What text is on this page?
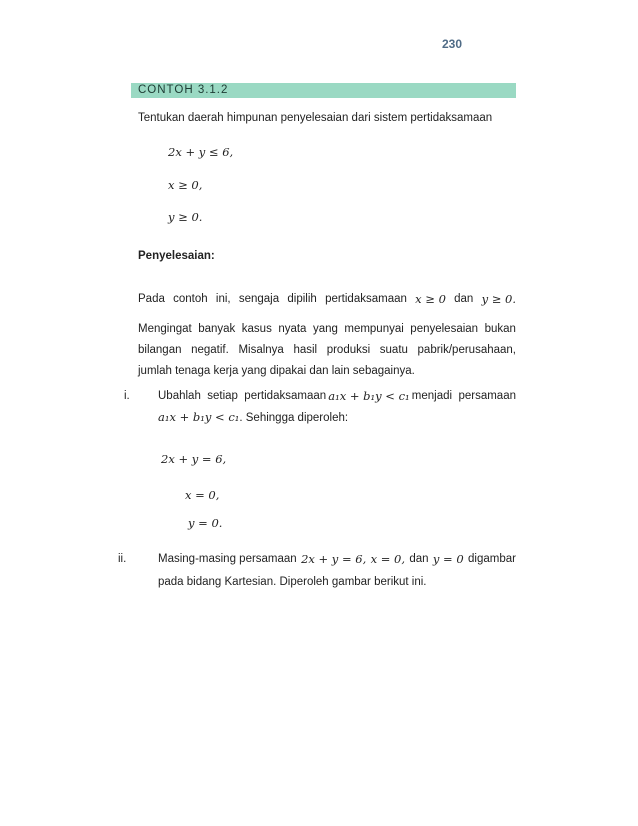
230
CONTOH 3.1.2
Tentukan daerah himpunan penyelesaian dari sistem pertidaksamaan
2x + y ≤ 6,
x ≥ 0,
y ≥ 0.
Penyelesaian:
Pada contoh ini, sengaja dipilih pertidaksamaan x ≥ 0 dan y ≥ 0.
Mengingat banyak kasus nyata yang mempunyai penyelesaian bukan
bilangan negatif. Misalnya hasil produksi suatu pabrik/perusahaan,
jumlah tenaga kerja yang dipakai dan lain sebagainya.
i. Ubahlah  setiap  pertidaksamaan a₁x + b₁y < c₁ menjadi  persamaan
a₁x + b₁y < c₁. Sehingga diperoleh:
2x + y = 6,
x = 0,
y = 0.
ii.	Masing-masing persamaan 2x + y = 6, x = 0, dan y = 0 digambar
pada bidang Kartesian. Diperoleh gambar berikut ini.
